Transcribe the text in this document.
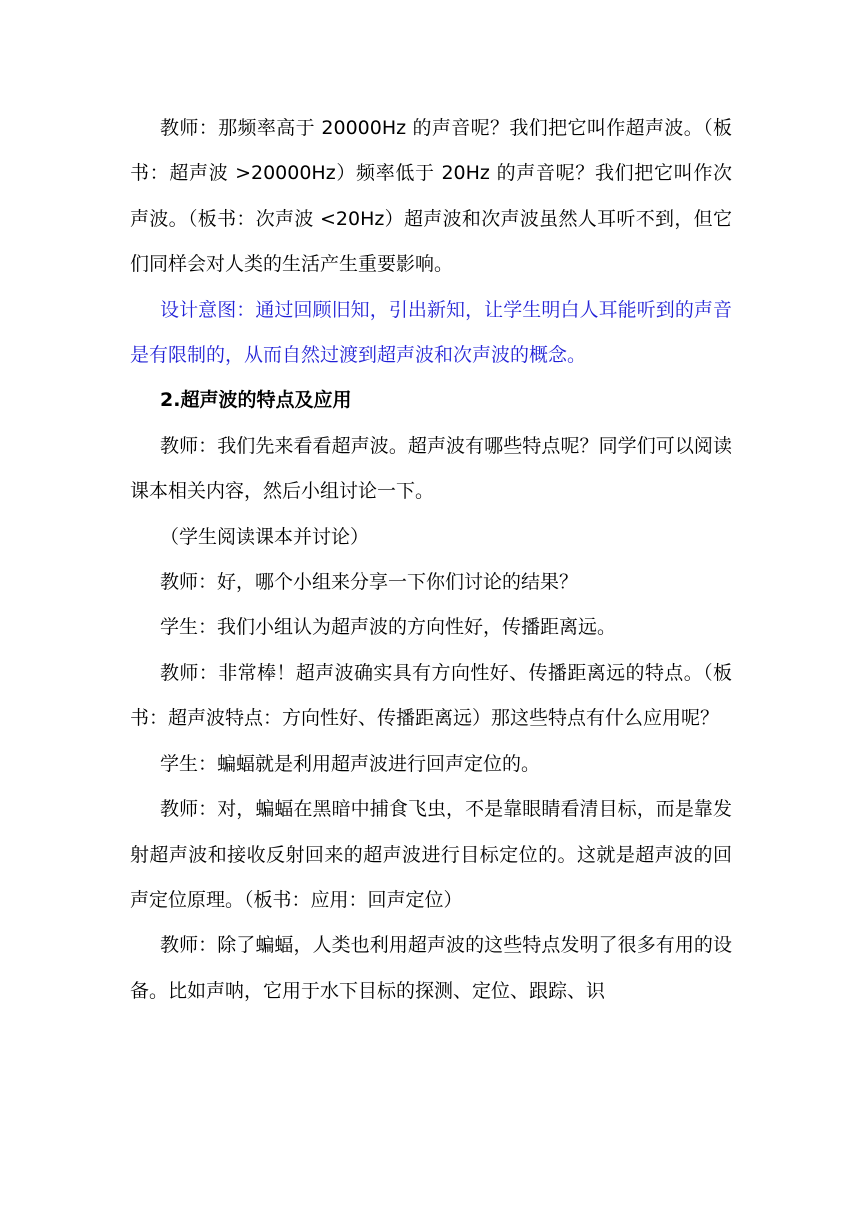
教师：那频率高于 20000Hz 的声音呢？我们把它叫作超声波。（板书：超声波 >20000Hz）频率低于 20Hz 的声音呢？我们把它叫作次声波。（板书：次声波 <20Hz）超声波和次声波虽然人耳听不到，但它们同样会对人类的生活产生重要影响。

设计意图：通过回顾旧知，引出新知，让学生明白人耳能听到的声音是有限制的，从而自然过渡到超声波和次声波的概念。

2.超声波的特点及应用

教师：我们先来看看超声波。超声波有哪些特点呢？同学们可以阅读课本相关内容，然后小组讨论一下。

（学生阅读课本并讨论）

教师：好，哪个小组来分享一下你们讨论的结果？

学生：我们小组认为超声波的方向性好，传播距离远。

教师：非常棒！超声波确实具有方向性好、传播距离远的特点。（板书：超声波特点：方向性好、传播距离远）那这些特点有什么应用呢？

学生：蝙蝠就是利用超声波进行回声定位的。

教师：对，蝙蝠在黑暗中捕食飞虫，不是靠眼睛看清目标，而是靠发射超声波和接收反射回来的超声波进行目标定位的。这就是超声波的回声定位原理。（板书：应用：回声定位）

教师：除了蝙蝠，人类也利用超声波的这些特点发明了很多有用的设备。比如声呐，它用于水下目标的探测、定位、跟踪、识
